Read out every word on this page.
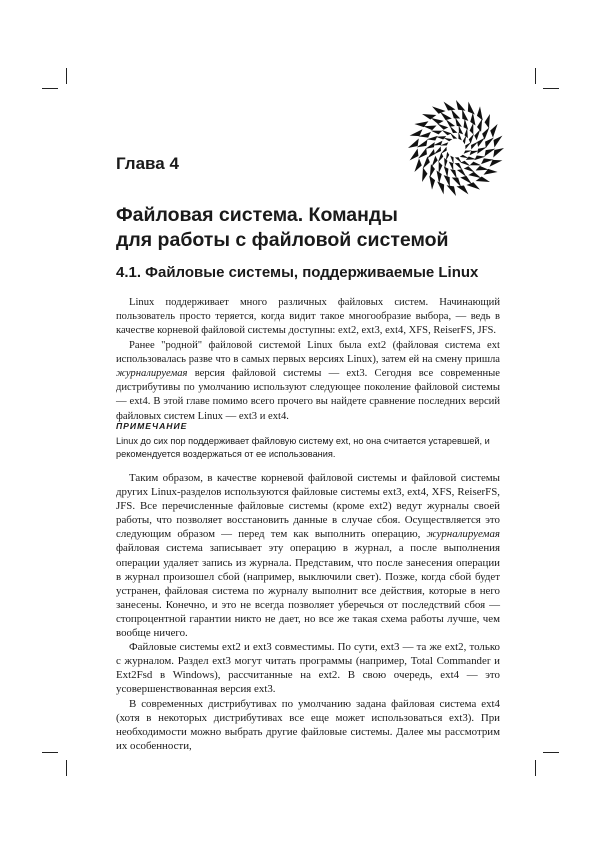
Глава 4
Файловая система. Команды
для работы с файловой системой
4.1. Файловые системы, поддерживаемые Linux

Linux поддерживает много различных файловых систем. Начинающий пользователь просто теряется, когда видит такое многообразие выбора, — ведь в качестве корневой файловой системы доступны: ext2, ext3, ext4, XFS, ReiserFS, JFS.

Ранее "родной" файловой системой Linux была ext2 (файловая система ext использовалась разве что в самых первых версиях Linux), затем ей на смену пришла журналируемая версия файловой системы — ext3. Сегодня все современные дистрибутивы по умолчанию используют следующее поколение файловой системы — ext4. В этой главе помимо всего прочего вы найдете сравнение последних версий файловых систем Linux — ext3 и ext4.

ПРИМЕЧАНИЕ
Linux до сих пор поддерживает файловую систему ext, но она считается устаревшей, и рекомендуется воздержаться от ее использования.

Таким образом, в качестве корневой файловой системы и файловой системы других Linux-разделов используются файловые системы ext3, ext4, XFS, ReiserFS, JFS. Все перечисленные файловые системы (кроме ext2) ведут журналы своей работы, что позволяет восстановить данные в случае сбоя. Осуществляется это следующим образом — перед тем как выполнить операцию, журналируемая файловая система записывает эту операцию в журнал, а после выполнения операции удаляет запись из журнала. Представим, что после занесения операции в журнал произошел сбой (например, выключили свет). Позже, когда сбой будет устранен, файловая система по журналу выполнит все действия, которые в него занесены. Конечно, и это не всегда позволяет уберечься от последствий сбоя — стопроцентной гарантии никто не дает, но все же такая схема работы лучше, чем вообще ничего.

Файловые системы ext2 и ext3 совместимы. По сути, ext3 — та же ext2, только с журналом. Раздел ext3 могут читать программы (например, Total Commander и Ext2Fsd в Windows), рассчитанные на ext2. В свою очередь, ext4 — это усовершенствованная версия ext3.

В современных дистрибутивах по умолчанию задана файловая система ext4 (хотя в некоторых дистрибутивах все еще может использоваться ext3). При необходимости можно выбрать другие файловые системы. Далее мы рассмотрим их особенности,
